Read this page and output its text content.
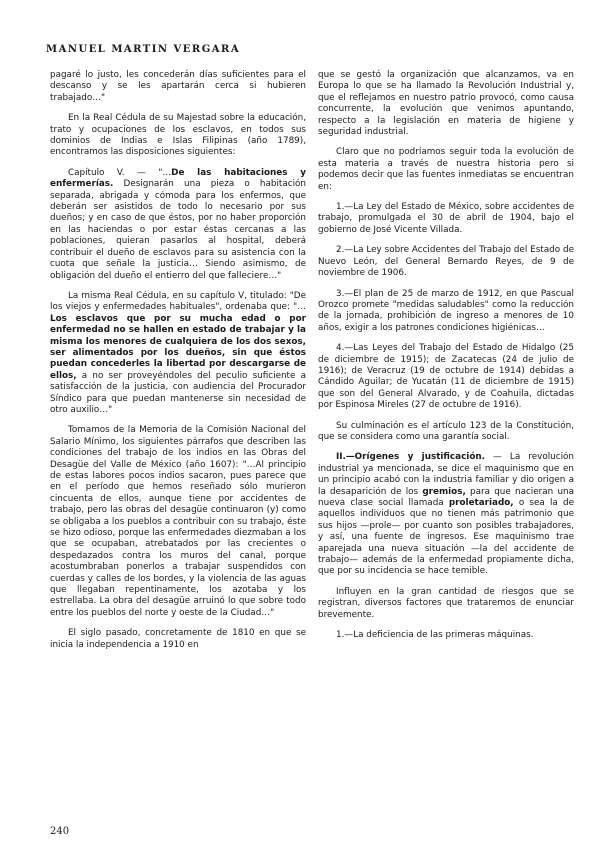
MANUEL MARTIN VERGARA

pagaré lo justo, les concederán días suficientes para el descanso y se les apartarán cerca si hubieren trabajado…"

En la Real Cédula de su Majestad sobre la educación, trato y ocupaciones de los esclavos, en todos sus dominios de Indias e Islas Filipinas (año 1789), encontramos las disposiciones siguientes:

Capítulo V. — "…De las habitaciones y enfermerías. Designarán una pieza o habitación separada, abrigada y cómoda para los enfermos, que deberán ser asistidos de todo lo necesario por sus dueños; y en caso de que éstos, por no haber proporción en las haciendas o por estar éstas cercanas a las poblaciones, quieran pasarlos al hospital, deberá contribuir el dueño de esclavos para su asistencia con la cuota que señale la justicia… Siendo asimismo, de obligación del dueño el entierro del que falleciere…"

La misma Real Cédula, en su capítulo V, titulado: "De los viejos y enfermedades habituales", ordenaba que: "…Los esclavos que por su mucha edad o por enfermedad no se hallen en estado de trabajar y la misma los menores de cualquiera de los dos sexos, ser alimentados por los dueños, sin que éstos puedan concederles la libertad por descargarse de ellos, a no ser proveyéndoles del peculio suficiente a satisfacción de la justicia, con audiencia del Procurador Síndico para que puedan mantenerse sin necesidad de otro auxilio…"

Tomamos de la Memoria de la Comisión Nacional del Salario Mínimo, los siguientes párrafos que describen las condiciones del trabajo de los indios en las Obras del Desagüe del Valle de México (año 1607): "…Al principio de estas labores pocos indios sacaron, pues parece que en el período que hemos reseñado sólo murieron cincuenta de ellos, aunque tiene por accidentes de trabajo, pero las obras del desagüe continuaron (y) como se obligaba a los pueblos a contribuir con su trabajo, éste se hizo odioso, porque las enfermedades diezmaban a los que se ocupaban, atrebatados por las crecientes o despedazados contra los muros del canal, porque acostumbraban ponerlos a trabajar suspendidos con cuerdas y calles de los bordes, y la violencia de las aguas que llegaban repentinamente, los azotaba y los estrellaba. La obra del desagüe arruinó lo que sobre todo entre los pueblos del norte y oeste de la Ciudad…"

El siglo pasado, concretamente de 1810 en que se inicia la independencia a 1910 en

que se gestó la organización que alcanzamos, va en Europa lo que se ha llamado la Revolución Industrial y, que el reflejamos en nuestro patrio provocó, como causa concurrente, la evolución que venimos apuntando, respecto a la legislación en materia de higiene y seguridad industrial.

Claro que no podríamos seguir toda la evolución de esta materia a través de nuestra historia pero si podemos decir que las fuentes inmediatas se encuentran en:

1.—La Ley del Estado de México, sobre accidentes de trabajo, promulgada el 30 de abril de 1904, bajo el gobierno de José Vicente Villada.

2.—La Ley sobre Accidentes del Trabajo del Estado de Nuevo León, del General Bernardo Reyes, de 9 de noviembre de 1906.

3.—El plan de 25 de marzo de 1912, en que Pascual Orozco promete "medidas saludables" como la reducción de la jornada, prohibición de ingreso a menores de 10 años, exigir a los patrones condiciones higiénicas…

4.—Las Leyes del Trabajo del Estado de Hidalgo (25 de diciembre de 1915); de Zacatecas (24 de julio de 1916); de Veracruz (19 de octubre de 1914) debidas a Cándido Aguilar; de Yucatán (11 de diciembre de 1915) que son del General Alvarado, y de Coahuila, dictadas por Espinosa Mireles (27 de octubre de 1916).

Su culminación es el artículo 123 de la Constitución, que se considera como una garantía social.

II.—Orígenes y justificación. — La revolución industrial ya mencionada, se dice el maquinismo que en un principio acabó con la industria familiar y dio origen a la desaparición de los gremios, para que nacieran una nueva clase social llamada proletariado, o sea la de aquellos individuos que no tienen más patrimonio que sus hijos —prole— por cuanto son posibles trabajadores, y así, una fuente de ingresos. Ese maquinismo trae aparejada una nueva situación —la del accidente de trabajo— además de la enfermedad propiamente dicha, que por su incidencia se hace temible.

Influyen en la gran cantidad de riesgos que se registran, diversos factores que trataremos de enunciar brevemente.

1.—La deficiencia de las primeras máquinas.

240
